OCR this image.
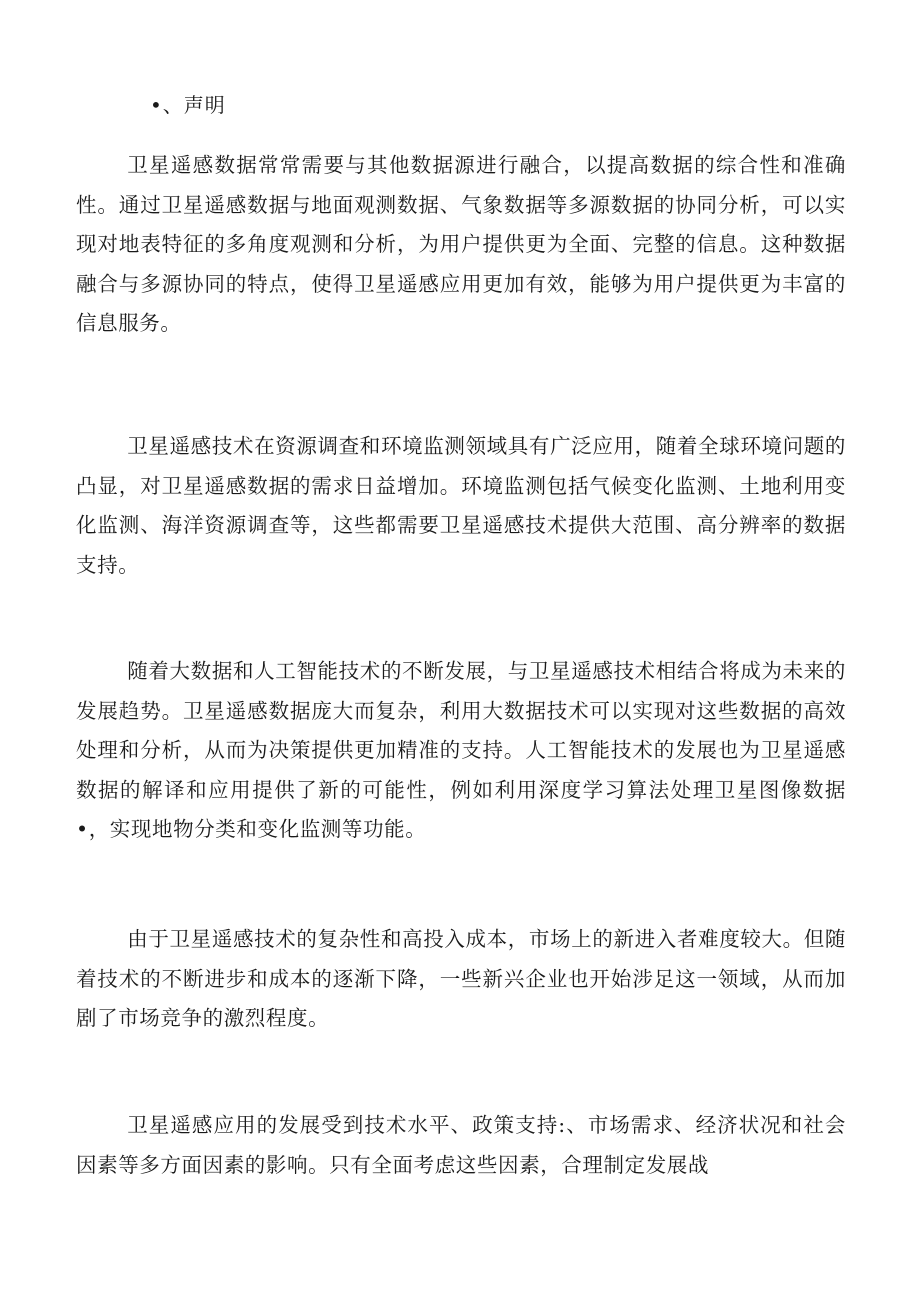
•、声明

卫星遥感数据常常需要与其他数据源进行融合，以提高数据的综合性和准确性。通过卫星遥感数据与地面观测数据、气象数据等多源数据的协同分析，可以实现对地表特征的多角度观测和分析，为用户提供更为全面、完整的信息。这种数据融合与多源协同的特点，使得卫星遥感应用更加有效，能够为用户提供更为丰富的信息服务。

卫星遥感技术在资源调查和环境监测领域具有广泛应用，随着全球环境问题的凸显，对卫星遥感数据的需求日益增加。环境监测包括气候变化监测、土地利用变化监测、海洋资源调查等，这些都需要卫星遥感技术提供大范围、高分辨率的数据支持。

随着大数据和人工智能技术的不断发展，与卫星遥感技术相结合将成为未来的发展趋势。卫星遥感数据庞大而复杂，利用大数据技术可以实现对这些数据的高效处理和分析，从而为决策提供更加精准的支持。人工智能技术的发展也为卫星遥感数据的解译和应用提供了新的可能性，例如利用深度学习算法处理卫星图像数据•，实现地物分类和变化监测等功能。

由于卫星遥感技术的复杂性和高投入成本，市场上的新进入者难度较大。但随着技术的不断进步和成本的逐渐下降，一些新兴企业也开始涉足这一领域，从而加剧了市场竞争的激烈程度。

卫星遥感应用的发展受到技术水平、政策支持:、市场需求、经济状况和社会因素等多方面因素的影响。只有全面考虑这些因素，合理制定发展战
